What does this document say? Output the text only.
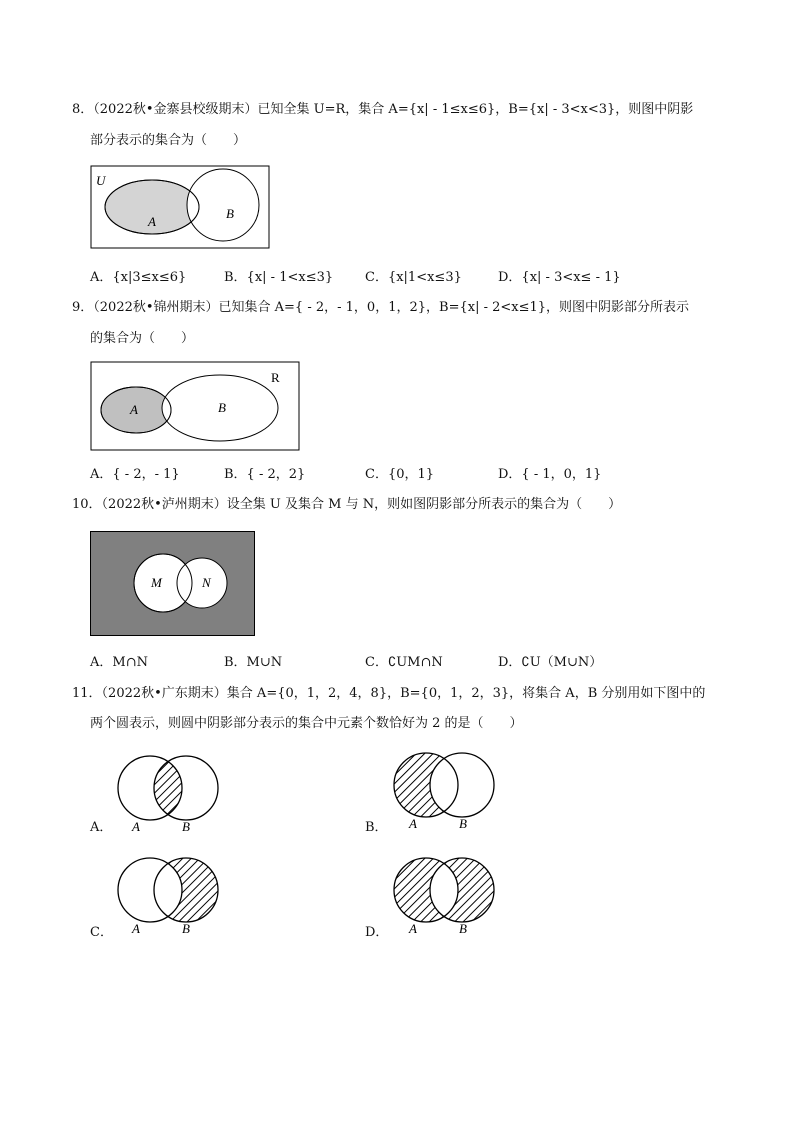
8．（2022秋•金寨县校级期末）已知全集 U=R，集合 A={x| - 1≤x≤6}，B={x| - 3<x<3}，则图中阴影
部分表示的集合为（　　）
U
A
B
A．{x|3≤x≤6}	B．{x| - 1<x≤3} C．{x|1<x≤3}	D．{x| - 3<x≤ - 1}
9．（2022秋•锦州期末）已知集合 A={ - 2，- 1，0，1，2}，B={x| - 2<x≤1}，则图中阴影部分所表示
的集合为（　　）
R
A	B
A．{ - 2，- 1}	B．{ - 2，2}	C．{0，1}	D．{ - 1，0，1}
10．（2022秋•泸州期末）设全集 U 及集合 M 与 N，则如图阴影部分所表示的集合为（　　）
M	N
A．M∩N	B．M∪N	C．∁UM∩N	D．∁U（M∪N）
11．（2022秋•广东期末）集合 A={0，1，2，4，8}，B={0，1，2，3}，将集合 A，B 分别用如下图中的
两个圆表示，则圆中阴影部分表示的集合中元素个数恰好为 2 的是（　　）
A． A	B	B． A	B
C． A	B	D． A	B
